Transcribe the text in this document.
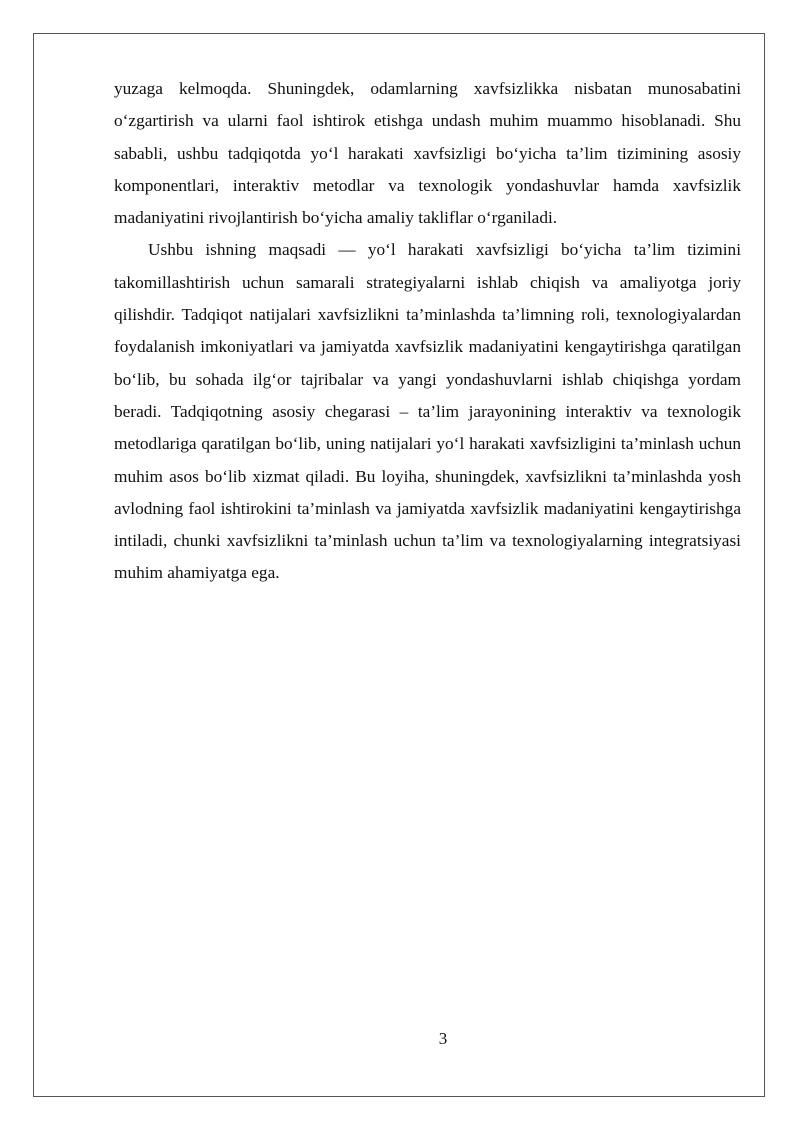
yuzaga kelmoqda. Shuningdek, odamlarning xavfsizlikka nisbatan munosabatini o‘zgartirish va ularni faol ishtirok etishga undash muhim muammo hisoblanadi. Shu sababli, ushbu tadqiqotda yo‘l harakati xavfsizligi bo‘yicha ta’lim tizimining asosiy komponentlari, interaktiv metodlar va texnologik yondashuvlar hamda xavfsizlik madaniyatini rivojlantirish bo‘yicha amaliy takliflar o‘rganiladi.

Ushbu ishning maqsadi — yo‘l harakati xavfsizligi bo‘yicha ta’lim tizimini takomillashtirish uchun samarali strategiyalarni ishlab chiqish va amaliyotga joriy qilishdir. Tadqiqot natijalari xavfsizlikni ta’minlashda ta’limning roli, texnologiyalardan foydalanish imkoniyatlari va jamiyatda xavfsizlik madaniyatini kengaytirishga qaratilgan bo‘lib, bu sohada ilg‘or tajribalar va yangi yondashuvlarni ishlab chiqishga yordam beradi. Tadqiqotning asosiy chegarasi – ta’lim jarayonining interaktiv va texnologik metodlariga qaratilgan bo‘lib, uning natijalari yo‘l harakati xavfsizligini ta’minlash uchun muhim asos bo‘lib xizmat qiladi. Bu loyiha, shuningdek, xavfsizlikni ta’minlashda yosh avlodning faol ishtirokini ta’minlash va jamiyatda xavfsizlik madaniyatini kengaytirishga intiladi, chunki xavfsizlikni ta’minlash uchun ta’lim va texnologiyalarning integratsiyasi muhim ahamiyatga ega.

3
